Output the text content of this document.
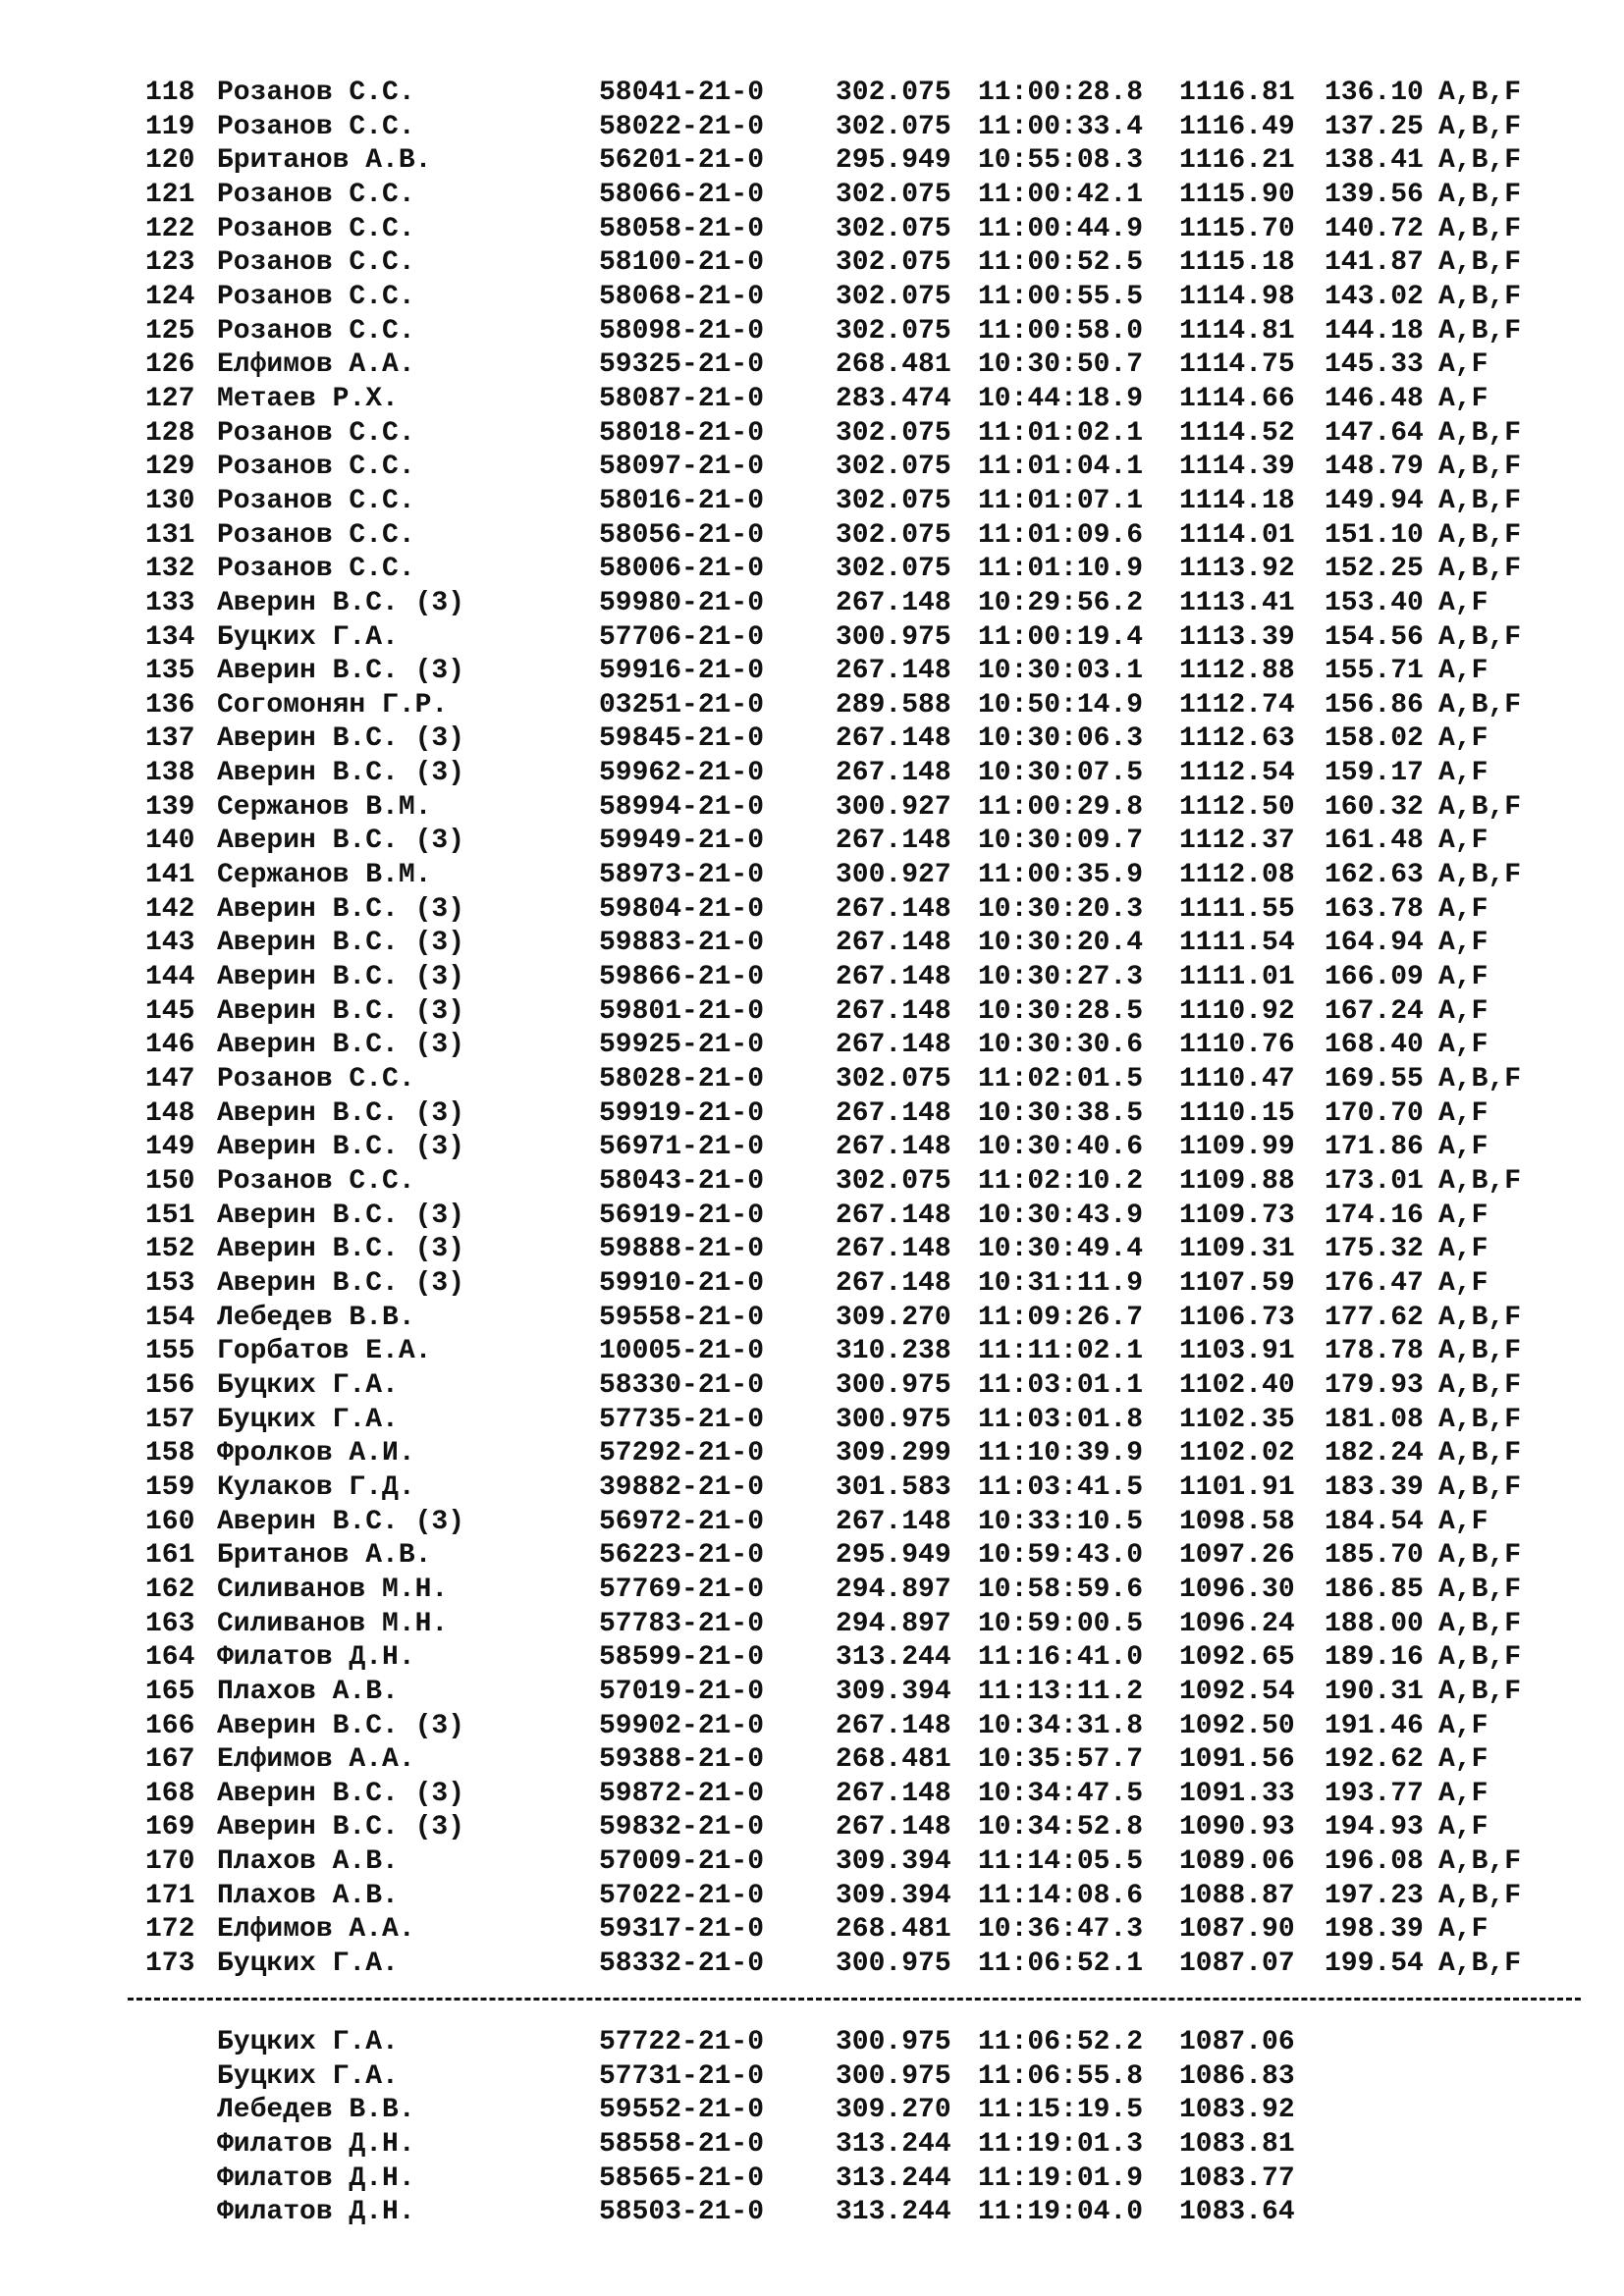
118 Розанов С.С.	58041-21-0	302.075 11:00:28.8 1116.81 136.10 A,B,F
119 Розанов С.С.	58022-21-0	302.075 11:00:33.4 1116.49 137.25 A,B,F
120 Британов А.В.	56201-21-0	295.949 10:55:08.3 1116.21 138.41 A,B,F
121 Розанов С.С.	58066-21-0	302.075 11:00:42.1 1115.90 139.56 A,B,F
122 Розанов С.С.	58058-21-0	302.075 11:00:44.9 1115.70 140.72 A,B,F
123 Розанов С.С.	58100-21-0	302.075 11:00:52.5 1115.18 141.87 A,B,F
124 Розанов С.С.	58068-21-0	302.075 11:00:55.5 1114.98 143.02 A,B,F
125 Розанов С.С.	58098-21-0	302.075 11:00:58.0 1114.81 144.18 A,B,F
126 Елфимов А.А.	59325-21-0	268.481 10:30:50.7 1114.75 145.33 A,F
127 Метаев Р.Х.	58087-21-0	283.474 10:44:18.9 1114.66 146.48 A,F
128 Розанов С.С.	58018-21-0	302.075 11:01:02.1 1114.52 147.64 A,B,F
129 Розанов С.С.	58097-21-0	302.075 11:01:04.1 1114.39 148.79 A,B,F
130 Розанов С.С.	58016-21-0	302.075 11:01:07.1 1114.18 149.94 A,B,F
131 Розанов С.С.	58056-21-0	302.075 11:01:09.6 1114.01 151.10 A,B,F
132 Розанов С.С.	58006-21-0	302.075 11:01:10.9 1113.92 152.25 A,B,F
133 Аверин В.С. (3)	59980-21-0	267.148 10:29:56.2 1113.41 153.40 A,F
134 Буцких Г.А.	57706-21-0	300.975 11:00:19.4 1113.39 154.56 A,B,F
135 Аверин В.С. (3)	59916-21-0	267.148 10:30:03.1 1112.88 155.71 A,F
136 Согомонян Г.Р.	03251-21-0	289.588 10:50:14.9 1112.74 156.86 A,B,F
137 Аверин В.С. (3)	59845-21-0	267.148 10:30:06.3 1112.63 158.02 A,F
138 Аверин В.С. (3)	59962-21-0	267.148 10:30:07.5 1112.54 159.17 A,F
139 Сержанов В.М.	58994-21-0	300.927 11:00:29.8 1112.50 160.32 A,B,F
140 Аверин В.С. (3)	59949-21-0	267.148 10:30:09.7 1112.37 161.48 A,F
141 Сержанов В.М.	58973-21-0	300.927 11:00:35.9 1112.08 162.63 A,B,F
142 Аверин В.С. (3)	59804-21-0	267.148 10:30:20.3 1111.55 163.78 A,F
143 Аверин В.С. (3)	59883-21-0	267.148 10:30:20.4 1111.54 164.94 A,F
144 Аверин В.С. (3)	59866-21-0	267.148 10:30:27.3 1111.01 166.09 A,F
145 Аверин В.С. (3)	59801-21-0	267.148 10:30:28.5 1110.92 167.24 A,F
146 Аверин В.С. (3)	59925-21-0	267.148 10:30:30.6 1110.76 168.40 A,F
147 Розанов С.С.	58028-21-0	302.075 11:02:01.5 1110.47 169.55 A,B,F
148 Аверин В.С. (3)	59919-21-0	267.148 10:30:38.5 1110.15 170.70 A,F
149 Аверин В.С. (3)	56971-21-0	267.148 10:30:40.6 1109.99 171.86 A,F
150 Розанов С.С.	58043-21-0	302.075 11:02:10.2 1109.88 173.01 A,B,F
151 Аверин В.С. (3)	56919-21-0	267.148 10:30:43.9 1109.73 174.16 A,F
152 Аверин В.С. (3)	59888-21-0	267.148 10:30:49.4 1109.31 175.32 A,F
153 Аверин В.С. (3)	59910-21-0	267.148 10:31:11.9 1107.59 176.47 A,F
154 Лебедев В.В.	59558-21-0	309.270 11:09:26.7 1106.73 177.62 A,B,F
155 Горбатов Е.А.	10005-21-0	310.238 11:11:02.1 1103.91 178.78 A,B,F
156 Буцких Г.А.	58330-21-0	300.975 11:03:01.1 1102.40 179.93 A,B,F
157 Буцких Г.А.	57735-21-0	300.975 11:03:01.8 1102.35 181.08 A,B,F
158 Фролков А.И.	57292-21-0	309.299 11:10:39.9 1102.02 182.24 A,B,F
159 Кулаков Г.Д.	39882-21-0	301.583 11:03:41.5 1101.91 183.39 A,B,F
160 Аверин В.С. (3)	56972-21-0	267.148 10:33:10.5 1098.58 184.54 A,F
161 Британов А.В.	56223-21-0	295.949 10:59:43.0 1097.26 185.70 A,B,F
162 Силиванов М.Н.	57769-21-0	294.897 10:58:59.6 1096.30 186.85 A,B,F
163 Силиванов М.Н.	57783-21-0	294.897 10:59:00.5 1096.24 188.00 A,B,F
164 Филатов Д.Н.	58599-21-0	313.244 11:16:41.0 1092.65 189.16 A,B,F
165 Плахов А.В.	57019-21-0	309.394 11:13:11.2 1092.54 190.31 A,B,F
166 Аверин В.С. (3)	59902-21-0	267.148 10:34:31.8 1092.50 191.46 A,F
167 Елфимов А.А.	59388-21-0	268.481 10:35:57.7 1091.56 192.62 A,F
168 Аверин В.С. (3)	59872-21-0	267.148 10:34:47.5 1091.33 193.77 A,F
169 Аверин В.С. (3)	59832-21-0	267.148 10:34:52.8 1090.93 194.93 A,F
170 Плахов А.В.	57009-21-0	309.394 11:14:05.5 1089.06 196.08 A,B,F
171 Плахов А.В.	57022-21-0	309.394 11:14:08.6 1088.87 197.23 A,B,F
172 Елфимов А.А.	59317-21-0	268.481 10:36:47.3 1087.90 198.39 A,F
173 Буцких Г.А.	58332-21-0	300.975 11:06:52.1 1087.07 199.54 A,B,F
Буцких Г.А.	57722-21-0	300.975 11:06:52.2 1087.06
Буцких Г.А.	57731-21-0	300.975 11:06:55.8 1086.83
Лебедев В.В.	59552-21-0	309.270 11:15:19.5 1083.92
Филатов Д.Н.	58558-21-0	313.244 11:19:01.3 1083.81
Филатов Д.Н.	58565-21-0	313.244 11:19:01.9 1083.77
Филатов Д.Н.	58503-21-0	313.244 11:19:04.0 1083.64
